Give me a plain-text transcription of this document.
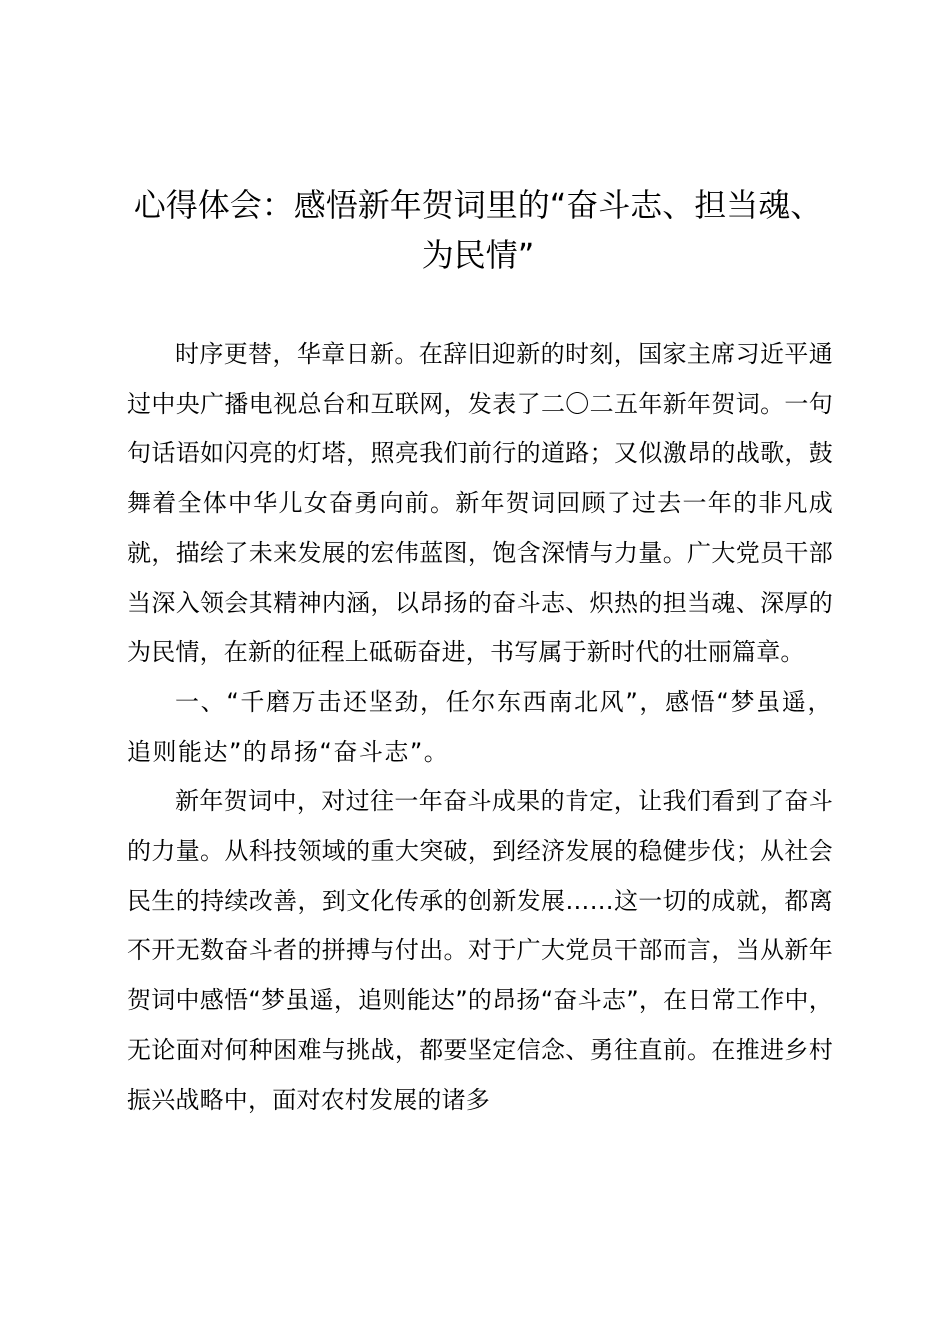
心得体会：感悟新年贺词里的“奋斗志、担当魂、为民情”

时序更替，华章日新。在辞旧迎新的时刻，国家主席习近平通过中央广播电视总台和互联网，发表了二〇二五年新年贺词。一句句话语如闪亮的灯塔，照亮我们前行的道路；又似激昂的战歌，鼓舞着全体中华儿女奋勇向前。新年贺词回顾了过去一年的非凡成就，描绘了未来发展的宏伟蓝图，饱含深情与力量。广大党员干部当深入领会其精神内涵，以昂扬的奋斗志、炽热的担当魂、深厚的为民情，在新的征程上砥砺奋进，书写属于新时代的壮丽篇章。

一、“千磨万击还坚劲，任尔东西南北风”，感悟“梦虽遥，追则能达”的昂扬“奋斗志”。

新年贺词中，对过往一年奋斗成果的肯定，让我们看到了奋斗的力量。从科技领域的重大突破，到经济发展的稳健步伐；从社会民生的持续改善，到文化传承的创新发展……这一切的成就，都离不开无数奋斗者的拼搏与付出。对于广大党员干部而言，当从新年贺词中感悟“梦虽遥，追则能达”的昂扬“奋斗志”，在日常工作中，无论面对何种困难与挑战，都要坚定信念、勇往直前。在推进乡村振兴战略中，面对农村发展的诸多
